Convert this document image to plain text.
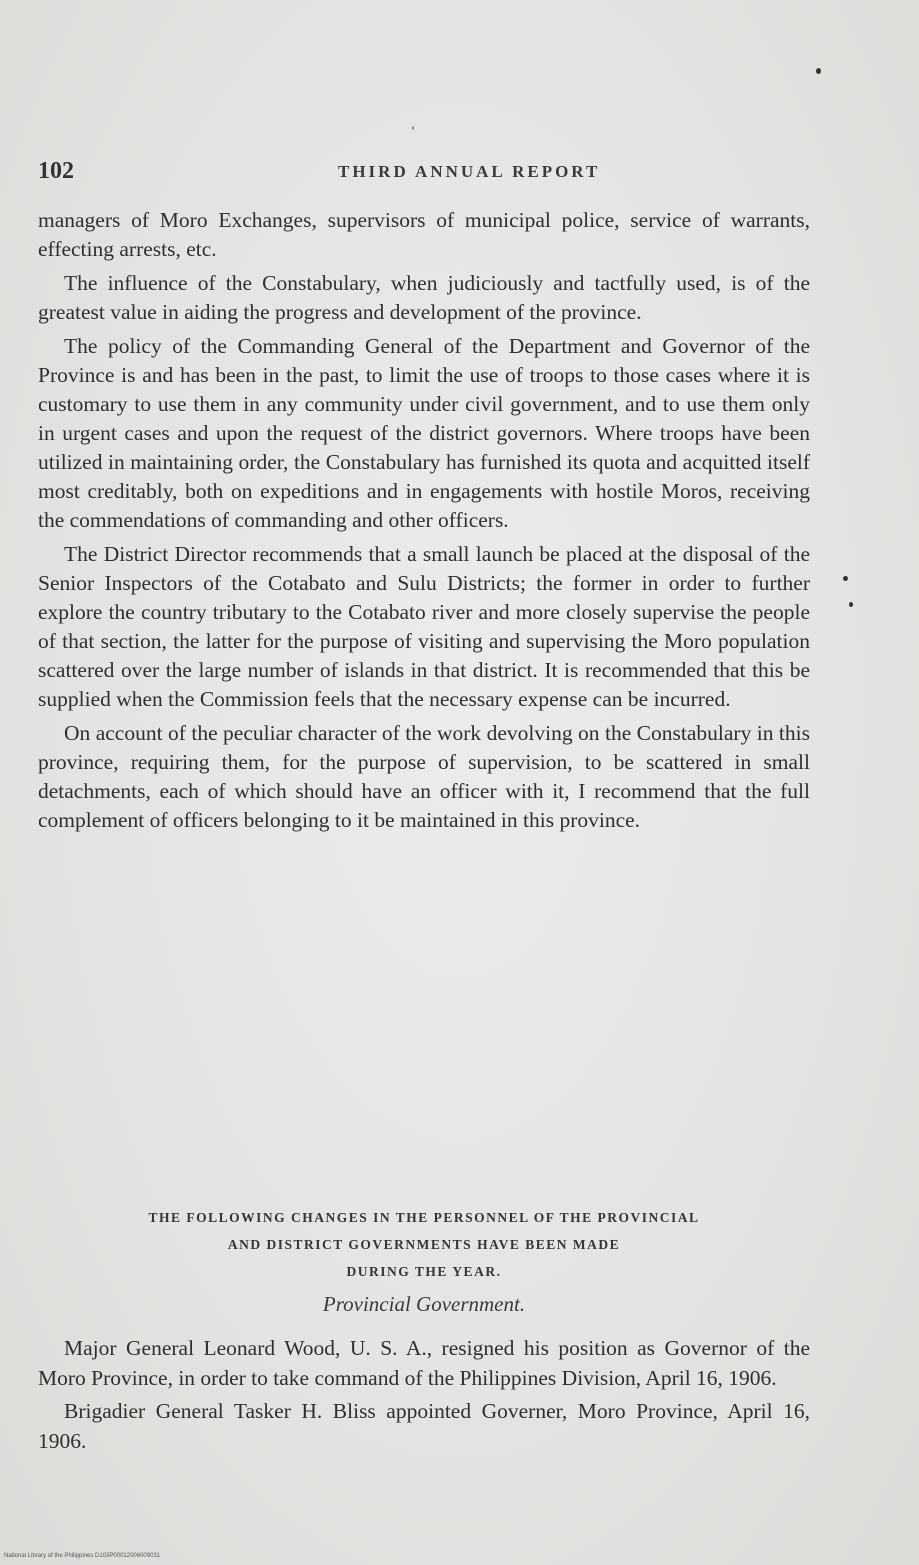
102	THIRD ANNUAL REPORT

managers of Moro Exchanges, supervisors of municipal police, service of warrants, effecting arrests, etc.

The influence of the Constabulary, when judiciously and tactfully used, is of the greatest value in aiding the progress and development of the province.

The policy of the Commanding General of the Department and Governor of the Province is and has been in the past, to limit the use of troops to those cases where it is customary to use them in any community under civil government, and to use them only in urgent cases and upon the request of the district governors. Where troops have been utilized in maintaining order, the Constabulary has furnished its quota and acquitted itself most creditably, both on expeditions and in engagements with hostile Moros, receiving the commendations of commanding and other officers.

The District Director recommends that a small launch be placed at the disposal of the Senior Inspectors of the Cotabato and Sulu Districts; the former in order to further explore the country tributary to the Cotabato river and more closely supervise the people of that section, the latter for the purpose of visiting and supervising the Moro population scattered over the large number of islands in that district. It is recommended that this be supplied when the Commission feels that the necessary expense can be incurred.

On account of the peculiar character of the work devolving on the Constabulary in this province, requiring them, for the purpose of supervision, to be scattered in small detachments, each of which should have an officer with it, I recommend that the full complement of officers belonging to it be maintained in this province.

THE FOLLOWING CHANGES IN THE PERSONNEL OF THE PROVINCIAL
AND DISTRICT GOVERNMENTS HAVE BEEN MADE
DURING THE YEAR.
Provincial Government.

Major General Leonard Wood, U. S. A., resigned his position as Governor of the Moro Province, in order to take command of the Philippines Division, April 16, 1906.

Brigadier General Tasker H. Bliss appointed Governer, Moro Province, April 16, 1906.

National Library of the Philippines D103P00012006009031
